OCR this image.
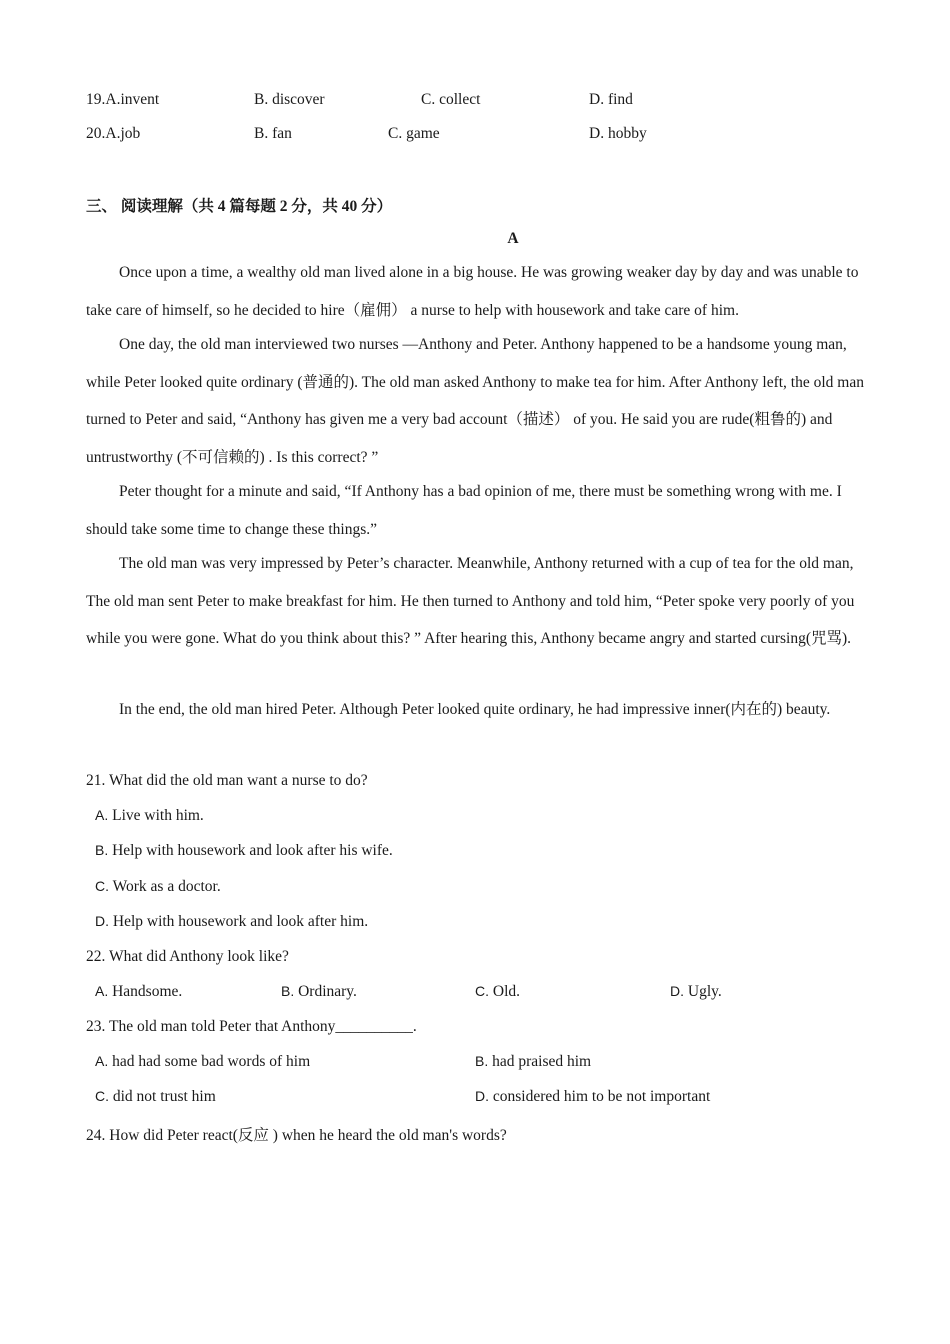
19.A.invent	B. discover	C. collect	D. find
20.A.job	B. fan	C. game	D. hobby
三、 阅读理解（共 4 篇每题 2 分，共 40 分）
A

Once upon a time, a wealthy old man lived alone in a big house. He was growing weaker day by day and was unable to take care of himself, so he decided to hire（雇佣） a nurse to help with housework and take care of him.

One day, the old man interviewed two nurses —Anthony and Peter. Anthony happened to be a handsome young man, while Peter looked quite ordinary (普通的). The old man asked Anthony to make tea for him. After Anthony left, the old man turned to Peter and said, “Anthony has given me a very bad account（描述） of you. He said you are rude(粗鲁的) and untrustworthy (不可信赖的) . Is this correct? ”

Peter thought for a minute and said, “If Anthony has a bad opinion of me, there must be something wrong with me. I should take some time to change these things.”

The old man was very impressed by Peter’s character. Meanwhile, Anthony returned with a cup of tea for the old man, The old man sent Peter to make breakfast for him. He then turned to Anthony and told him, “Peter spoke very poorly of you while you were gone. What do you think about this? ” After hearing this, Anthony became angry and started cursing(咒骂).

In the end, the old man hired Peter. Although Peter looked quite ordinary, he had impressive inner(内在的) beauty.

21. What did the old man want a nurse to do?
A. Live with him.
B. Help with housework and look after his wife.
C. Work as a doctor.
D. Help with housework and look after him.
22. What did Anthony look like?
A. Handsome.	B. Ordinary.	C. Old.	D. Ugly.
23. The old man told Peter that Anthony__________.
A. had had some bad words of him	B. had praised him
C. did not trust him	D. considered him to be not important
24. How did Peter react(反应 ) when he heard the old man's words?
